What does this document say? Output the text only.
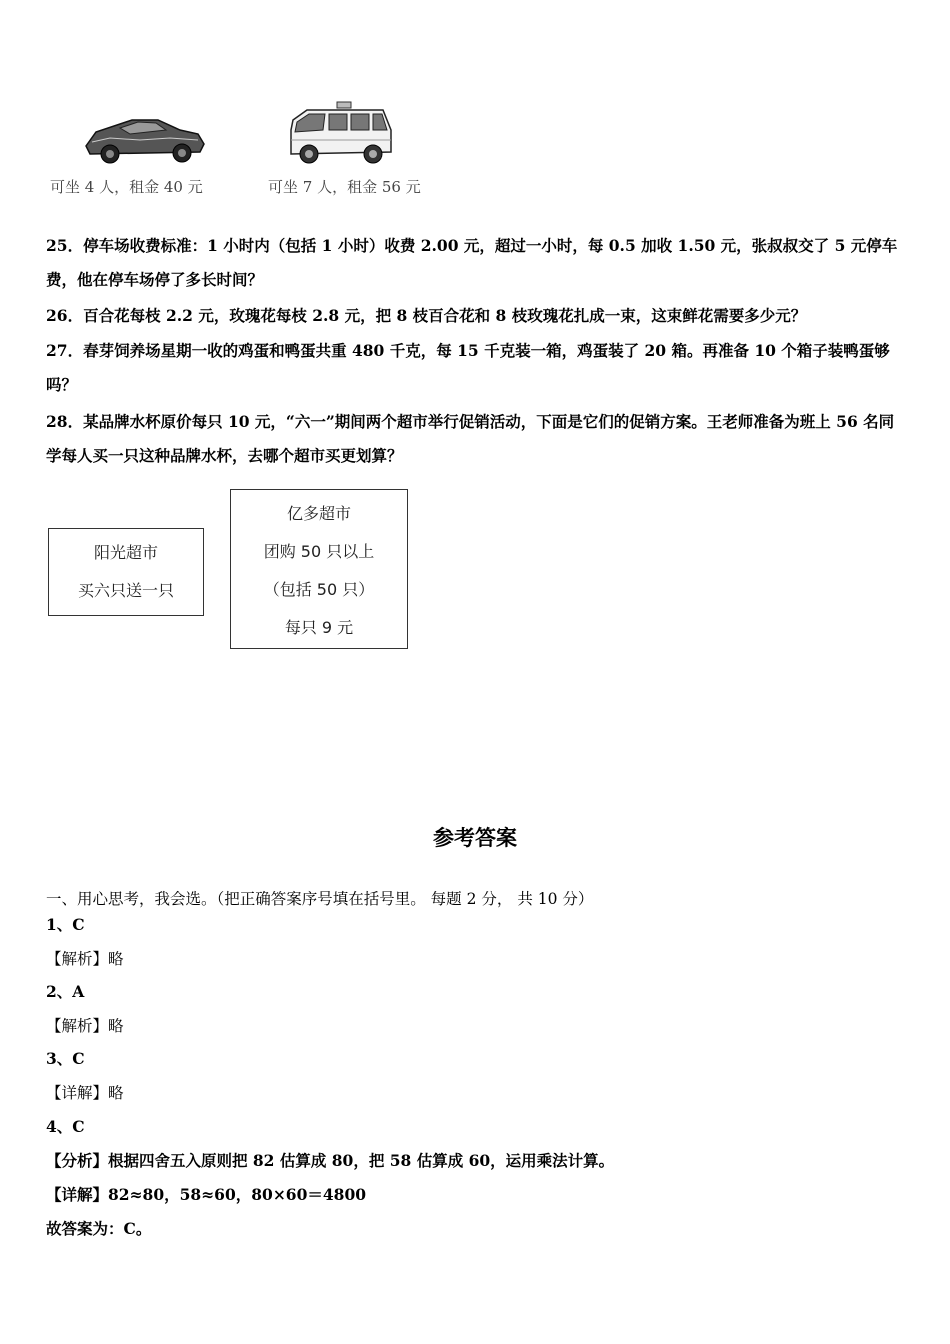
可坐 4 人，租金 40 元	可坐 7 人，租金 56 元
25．停车场收费标准：1 小时内（包括 1 小时）收费 2.00 元，超过一小时，每 0.5 加收 1.50 元，张叔叔交了 5 元停车费，他在停车场停了多长时间？
26．百合花每枝 2.2 元，玫瑰花每枝 2.8 元，把 8 枝百合花和 8 枝玫瑰花扎成一束，这束鲜花需要多少元？
27．春芽饲养场星期一收的鸡蛋和鸭蛋共重 480 千克，每 15 千克装一箱，鸡蛋装了 20 箱。再准备 10 个箱子装鸭蛋够吗？
28．某品牌水杯原价每只 10 元，“六一”期间两个超市举行促销活动，下面是它们的促销方案。王老师准备为班上 56 名同学每人买一只这种品牌水杯，去哪个超市买更划算？
阳光超市
买六只送一只
亿多超市
团购 50 只以上
（包括 50 只）
每只 9 元
参考答案
一、用心思考，我会选。（把正确答案序号填在括号里。 每题 2 分， 共 10 分）
1、C
【解析】略
2、A
【解析】略
3、C
【详解】略
4、C
【分析】根据四舍五入原则把 82 估算成 80，把 58 估算成 60，运用乘法计算。
【详解】82≈80，58≈60，80×60＝4800
故答案为：C。
